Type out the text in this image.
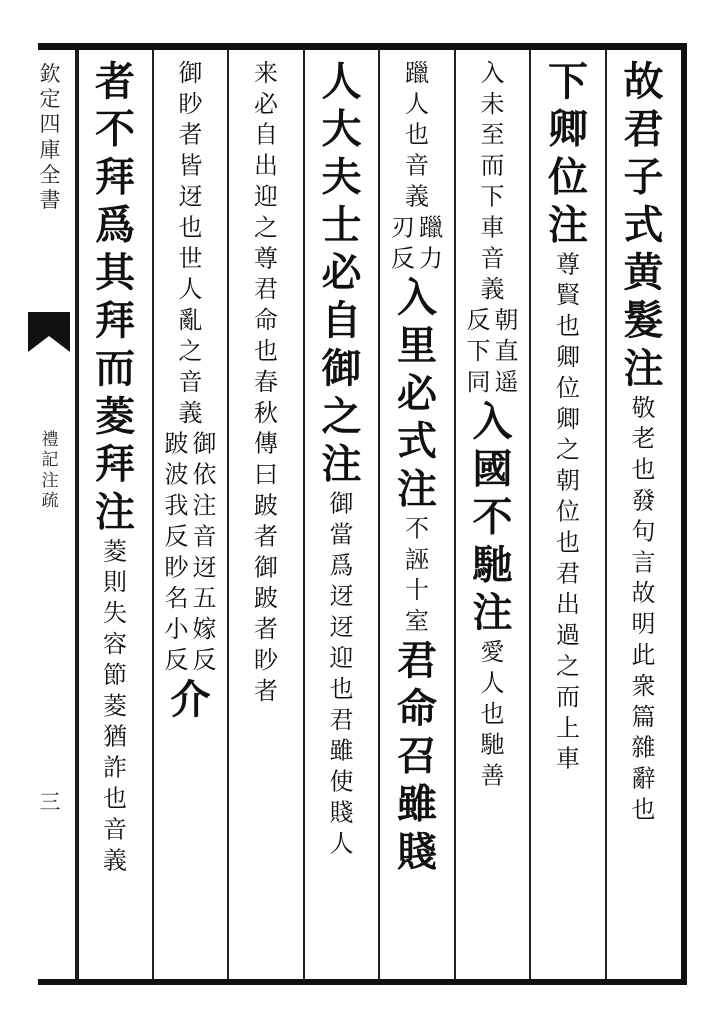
欽
定
四
庫
全
書
禮
記
注
疏
三
故
君
子
式
黄
髮
注
敬
老
也
發
句
言
故
明
此
衆
篇
雜
辭
也
下
卿
位
注
尊
賢
也
卿
位
卿
之
朝
位
也
君
出
過
之
而
上
車
入
未
至
而
下
車
音
義
朝
直
遥
反
下
同
入
國
不
馳
注
愛
人
也
馳
善
躐
人
也
音
義
躐
力
刃
反
入
里
必
式
注
不
誣
十
室
君
命
召
雖
賤
人
大
夫
士
必
自
御
之
注
御
當
爲
迓
迓
迎
也
君
雖
使
賤
人
来
必
自
出
迎
之
尊
君
命
也
春
秋
傳
曰
跛
者
御
跛
者
眇
者
御
眇
者
皆
迓
也
世
人
亂
之
音
義
御
依
注
音
迓
五
嫁
反
跛
波
我
反
眇
名
小
反
介
者
不
拜
爲
其
拜
而
菱
拜
注
菱
則
失
容
節
菱
猶
詐
也
音
義
